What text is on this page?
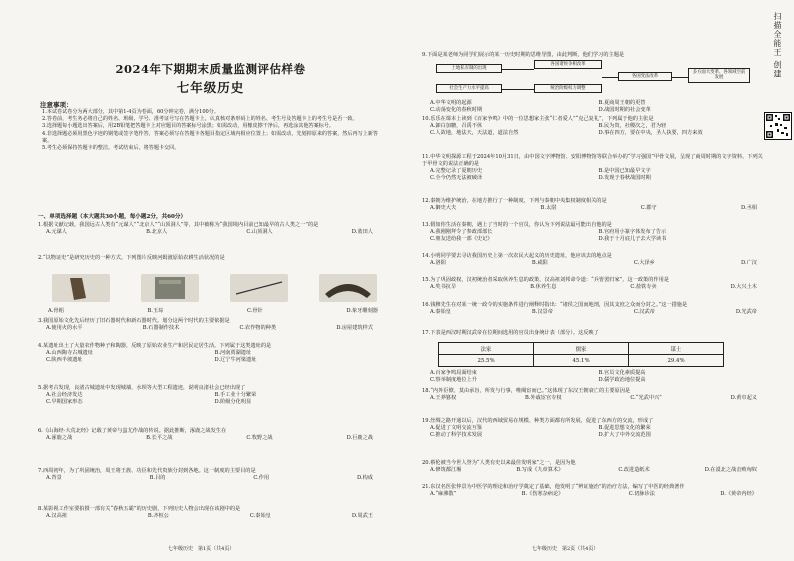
2024年下期期末质量监测评估样卷
七年级历史
注意事项：
1.本试卷试卷分为两大部分，其中第1-4页为卷面，60分钟完卷，满分100分。
2.答卷前，考生务必将自己的姓名、班级、学号、准考证号写在答题卡上，认真核对条形码上的姓名、考生号及答题卡上的考生号是否一致。
3.选择题每小题选出答案后，用2B铅笔把答题卡上对应题目的答案标号涂黑；如需改动，用橡皮擦干净后，再选涂其他答案标号。
4.非选择题必须用黑色字迹的钢笔或签字笔作答，答案必须写在答题卡各题目指定区域内相应位置上；如需改动，先划掉原来的答案，然后再写上新答案。
5.考生必须保持答题卡的整洁。考试结束后，将答题卡交回。
一、单项选择题（本大题共30小题，每小题2分，共60分）
1.根据文献记载，我国远古人类有“元谋人”“北京人”“山顶洞人”等，其中被称为“我国境内目前已知最早的古人类之一”的是
A.元谋人	B.北京人	C.山顶洞人	D.蓝田人
2.“以物证史”是研究历史的一种方式。下列图片反映河姆渡原始农耕生活状况的是
A.骨耜	B.玉琮	C.骨针	D.象牙雕刻器
3.我国原始文化先后经历了旧石器时代和新石器时代。划分这两个时代的主要依据是
A.使用火的水平	B.石器制作技术	C.农作物的种类	D.房屋建筑样式
4.某遗址出土了大量农作物种子和陶器，反映了原始农业生产和居民定居生活。下列属于这类遗址的是
A.山西陶寺古城遗址	B.河南贾湖遗址
C.陕西半坡遗址	D.辽宁牛河梁遗址
5.据考古发现，良渚古城遗址中发现城墙、水坝等大型工程遗迹，说明良渚社会已经出现了
A.社会经济发达	B.手工业十分繁荣
C.早期国家形态	D.阶级分化明显
6.《山海经·大荒北经》记载了黄帝与蚩尤作战的传说。据此推断，涿鹿之战发生在
A.涿鹿之战	B.长平之战	C.牧野之战	D.巨鹿之战
7.西周初年，为了巩固统治，周王将王族、功臣和先代贵族分封到各地。这一制度的主要目的是
A.背景	B.目的	C.作用	D.构成
8.某影视工作室要拍摄一部有关“春秋五霸”的历史剧，下列历史人物会出现在该剧中的是
A.汉高祖	B.齐桓公	C.秦始皇	D.周武王
七年级历史　第1页（共4页）
9.下面是某老师为同学们展示的某一历史时期的思维导图，由此判断，他们学习的主题是
土地私有制的出现
各国诸侯争相改革
社会生产力水平提高	统治阶级权力调整
各国变法改革
多方面大变革、各领域空前发展
A.中华文明的起源	B.夏商周王朝的更替
C.动荡变化的春秋时期	D.战国时期的社会变革
10.乐乐在课本上读到《百家争鸣》中的一位思想家主张“仁者爱人”“克己复礼”，下列属于他的主张是
A.卸白加糖，召禹不休	B.民为贵，社稷次之，君为轻
C.人故地，地法天，天法道，道法自然	D.事在四方，要在中央，圣人执要，四方来效
11.中华文明探源工程于2024年10月31日，由中国文字博物馆、安阳博物馆等联合举办的“学习强国”甲骨文展，呈现了商周时期的文字资料。下列关于甲骨文的说法正确的是
A.完整记录了夏朝历史	B.是中国已知最早文字
C.全今仍然无法被破译	D.发现于春秋战国时期
12.秦朝为维护统治，在地方推行了一种制度，下列与秦朝中央集权制度相关的是
A.御史大夫	B.太尉	C.郡守	D.丞相
13.假如你生活在秦朝，遇上了当时的一个官员，你认为下列说法最可能出自他的是
A.我刚刚拜令了参政部部长	B.官府用小篆字体发布了告示
C.朋友送给我一部《史记》	D.我于十月底儿子去大学读书
14.小明同学要去寻访我国历史上第一次农民大起义的历史遗址，他应该去的地点是
A.洛阳	B.咸阳	C.大泽乡	D.广汉
15.为了巩固政权，汉初统治者采取休养生息的政策，汉高祖刘邦命令道：“兵皆罢归家”，这一政策的作用是
A.奖书抗旱	B.休养生息	C.盐铁专卖	D.大兴土木
16.钱穆先生在对某一统一政令的实施条件进行阐释时指出：“诸侯之国而地剖，因其支庶之众而分封之。”这一措施是
A.秦始皇	B.汉景帝	C.汉武帝	D.光武帝
17.下表是西汉时期汉武帝在位期间选用的官员出身统计表（部分）。这反映了
法家	儒家	谋士
25.5%	45.1%	29.4%
A.百家争鸣局面结束	B.官员文化素质提高
C.察举制度地位上升	D.儒学政治地位提高
18.“内外臣僚，莫由承旨，所发与行事，唯阉宦而已。”这体现了东汉王朝衰亡的主要原因是
A.王莽篡权	B.外戚宦官专权	C.“光武中兴”	D.黄巾起义
19.丝绸之路开通以后，汉代的西域贸易在规模、种类方面都有所发展，促进了东西方的交流，形成了
A.促进了文明交流互鉴	B.促进思想文化的繁荣
C.推动了科学技术发展	D.扩大了中外交流范围
20.蔡伦被当今世人誉为“人类有史以来最佳发明家”之一，是因为他
A.修筑都江堰	B.写成《九章算术》	C.改进造纸术	D.在漠北之战击败匈奴
21.东汉名医张仲景为中医学的理论和治疗学奠定了基础，他发明了“辨证施治”的治疗方法，编写了中医的经典著作
A.“麻沸散”	B.《伤寒杂病论》	C.切脉诊法	D.《黄帝内经》
七年级历史　第2页（共4页）
扫描全能王 创建
